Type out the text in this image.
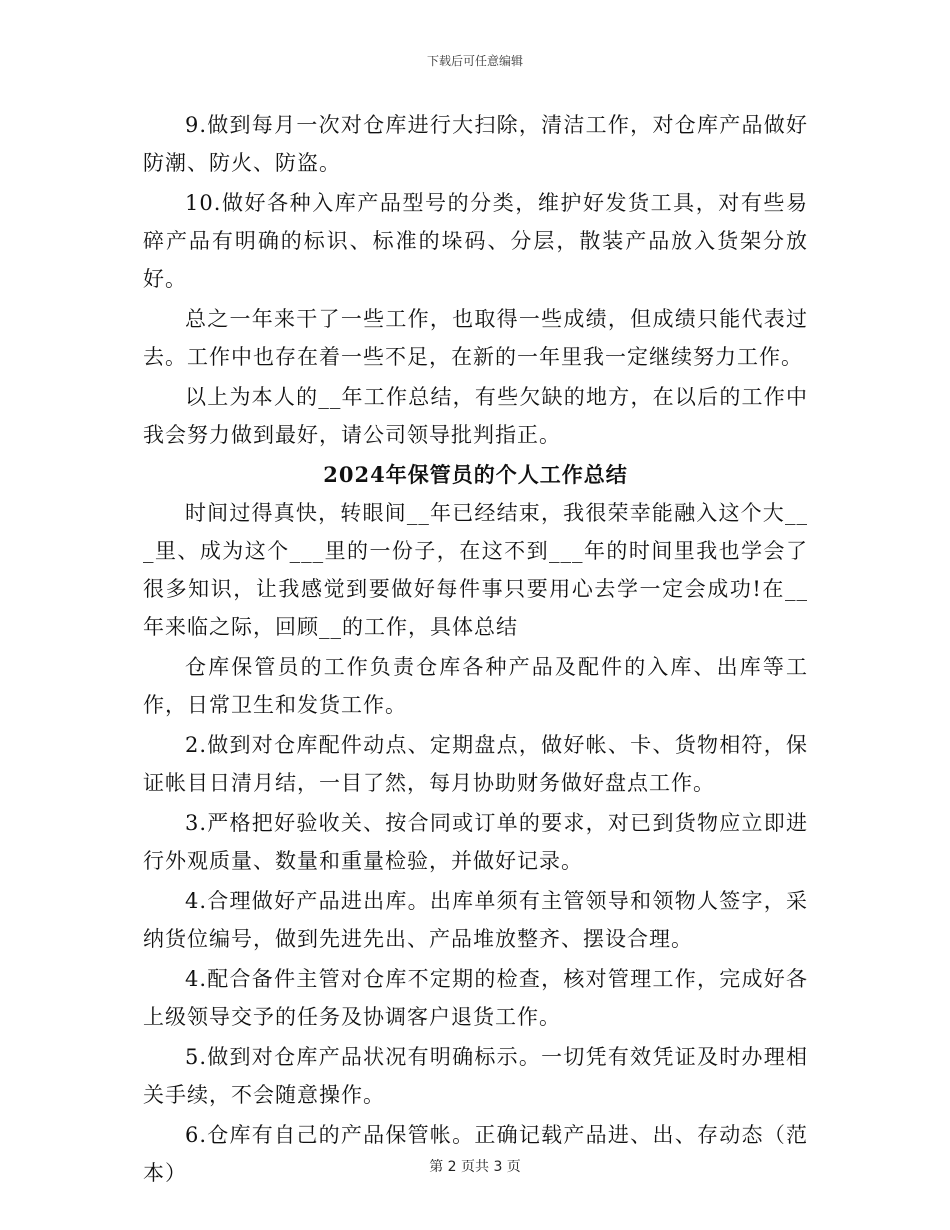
下载后可任意编辑

9.做到每月一次对仓库进行大扫除，清洁工作，对仓库产品做好防潮、防火、防盗。

10.做好各种入库产品型号的分类，维护好发货工具，对有些易碎产品有明确的标识、标准的垛码、分层，散装产品放入货架分放好。

总之一年来干了一些工作，也取得一些成绩，但成绩只能代表过去。工作中也存在着一些不足，在新的一年里我一定继续努力工作。

以上为本人的__年工作总结，有些欠缺的地方，在以后的工作中我会努力做到最好，请公司领导批判指正。

2024年保管员的个人工作总结

时间过得真快，转眼间__年已经结束，我很荣幸能融入这个大___里、成为这个___里的一份子，在这不到___年的时间里我也学会了很多知识，让我感觉到要做好每件事只要用心去学一定会成功!在__年来临之际，回顾__的工作，具体总结

仓库保管员的工作负责仓库各种产品及配件的入库、出库等工作，日常卫生和发货工作。

2.做到对仓库配件动点、定期盘点，做好帐、卡、货物相符，保证帐目日清月结，一目了然，每月协助财务做好盘点工作。

3.严格把好验收关、按合同或订单的要求，对已到货物应立即进行外观质量、数量和重量检验，并做好记录。

4.合理做好产品进出库。出库单须有主管领导和领物人签字，采纳货位编号，做到先进先出、产品堆放整齐、摆设合理。

4.配合备件主管对仓库不定期的检查，核对管理工作，完成好各上级领导交予的任务及协调客户退货工作。

5.做到对仓库产品状况有明确标示。一切凭有效凭证及时办理相关手续，不会随意操作。

6.仓库有自己的产品保管帐。正确记载产品进、出、存动态（范本）	第 2 页共 3 页
